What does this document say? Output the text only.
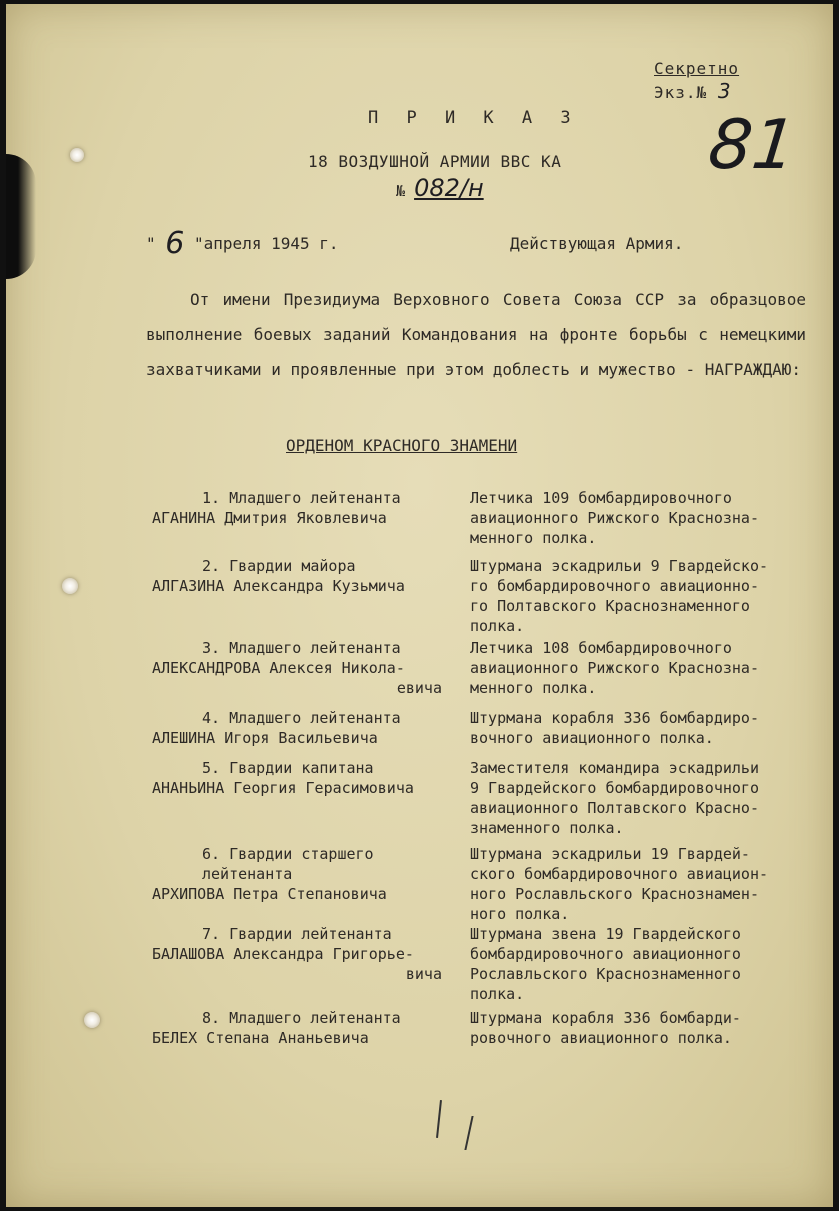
Секретно
Экз.№ 3
81
П Р И К А З
18 ВОЗДУШНОЙ АРМИИ ВВС КА
№ 082/н
" 6 "апреля 1945 г.	Действующая Армия.

От имени Президиума Верховного Совета Союза ССР за образцовое выполнение боевых заданий Командования на фронте борьбы с немецкими захватчиками и проявленные при этом доблесть и мужество - НАГРАЖДАЮ:

ОРДЕНОМ КРАСНОГО ЗНАМЕНИ
1. Младшего лейтенанта
АГАНИНА Дмитрия Яковлевича
Летчика 109 бомбардировочного
авиационного Рижского Краснозна-
менного полка.
2. Гвардии майора
АЛГАЗИНА Александра Кузьмича
Штурмана эскадрильи 9 Гвардейско-
го бомбардировочного авиационно-
го Полтавского Краснознаменного
полка.
3. Младшего лейтенанта
АЛЕКСАНДРОВА Алексея Никола-
евича
Летчика 108 бомбардировочного
авиационного Рижского Краснозна-
менного полка.
4. Младшего лейтенанта
АЛЕШИНА Игоря Васильевича
Штурмана корабля 336 бомбардиро-
вочного авиационного полка.
5. Гвардии капитана
АНАНЬИНА Георгия Герасимовича
Заместителя командира эскадрильи
9 Гвардейского бомбардировочного
авиационного Полтавского Красно-
знаменного полка.
6. Гвардии старшего
лейтенанта
АРХИПОВА Петра Степановича
Штурмана эскадрильи 19 Гвардей-
ского бомбардировочного авиацион-
ного Рославльского Краснознамен-
ного полка.
7. Гвардии лейтенанта
БАЛАШОВА Александра Григорье-
вича
Штурмана звена 19 Гвардейского
бомбардировочного авиационного
Рославльского Краснознаменного
полка.
8. Младшего лейтенанта
БЕЛЕХ Степана Ананьевича
Штурмана корабля 336 бомбарди-
ровочного авиационного полка.
